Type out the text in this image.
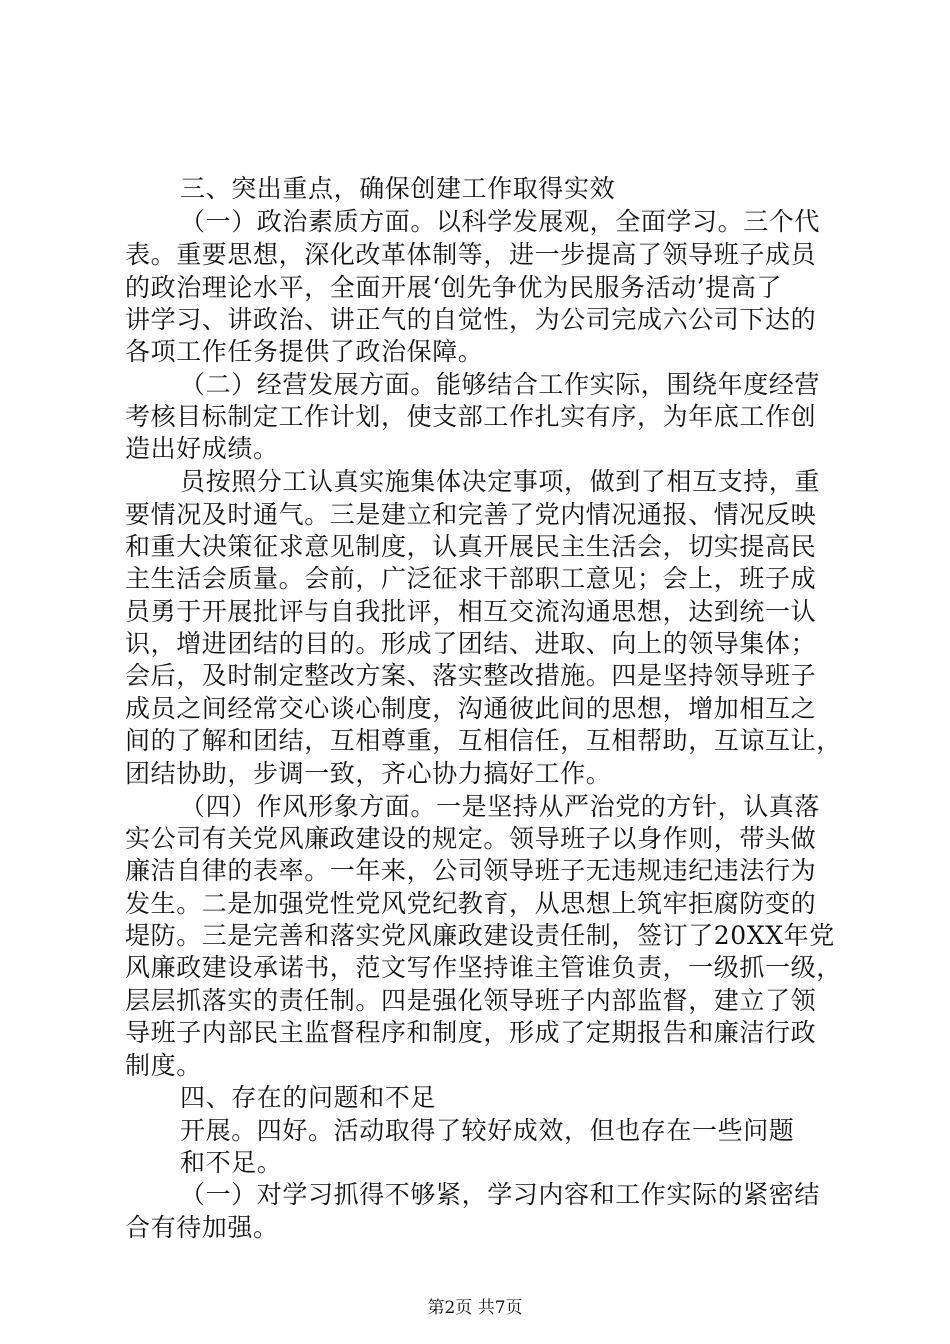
三、突出重点，确保创建工作取得实效
（一）政治素质方面。以科学发展观，全面学习。三个代
表。重要思想，深化改革体制等，进一步提高了领导班子成员
的政治理论水平，全面开展‘创先争优为民服务活动’提高了
讲学习、讲政治、讲正气的自觉性，为公司完成六公司下达的
各项工作任务提供了政治保障。
（二）经营发展方面。能够结合工作实际，围绕年度经营
考核目标制定工作计划，使支部工作扎实有序，为年底工作创
造出好成绩。
员按照分工认真实施集体决定事项，做到了相互支持，重
要情况及时通气。三是建立和完善了党内情况通报、情况反映
和重大决策征求意见制度，认真开展民主生活会，切实提高民
主生活会质量。会前，广泛征求干部职工意见；会上，班子成
员勇于开展批评与自我批评，相互交流沟通思想，达到统一认
识，增进团结的目的。形成了团结、进取、向上的领导集体；
会后，及时制定整改方案、落实整改措施。四是坚持领导班子
成员之间经常交心谈心制度，沟通彼此间的思想，增加相互之
间的了解和团结，互相尊重，互相信任，互相帮助，互谅互让，
团结协助，步调一致，齐心协力搞好工作。
（四）作风形象方面。一是坚持从严治党的方针，认真落
实公司有关党风廉政建设的规定。领导班子以身作则，带头做
廉洁自律的表率。一年来，公司领导班子无违规违纪违法行为
发生。二是加强党性党风党纪教育，从思想上筑牢拒腐防变的
堤防。三是完善和落实党风廉政建设责任制，签订了20XX年党
风廉政建设承诺书，范文写作坚持谁主管谁负责，一级抓一级，
层层抓落实的责任制。四是强化领导班子内部监督，建立了领
导班子内部民主监督程序和制度，形成了定期报告和廉洁行政
制度。
四、存在的问题和不足
开展。四好。活动取得了较好成效，但也存在一些问题
和不足。
（一）对学习抓得不够紧，学习内容和工作实际的紧密结
合有待加强。
第2页 共7页
